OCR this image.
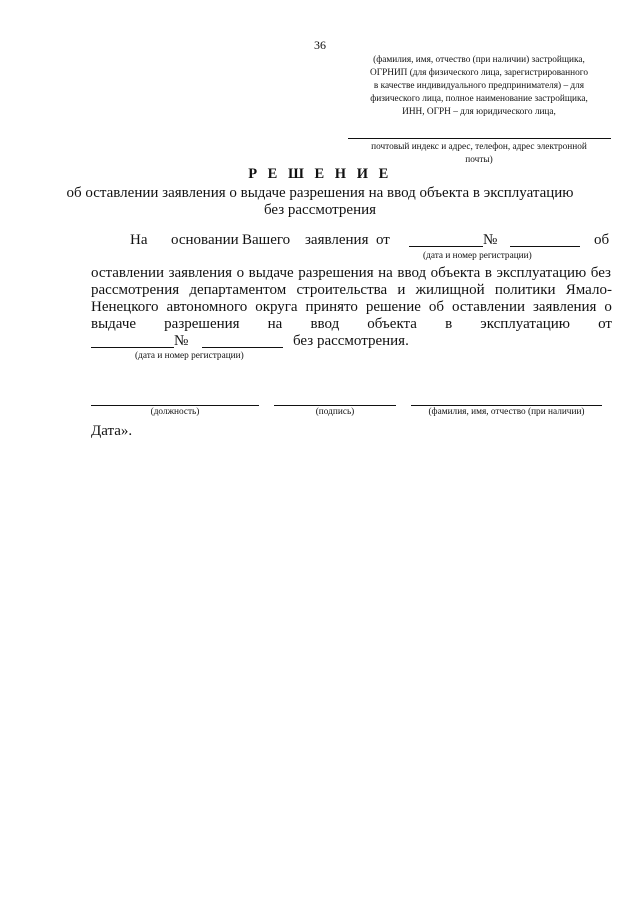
36
(фамилия, имя, отчество (при наличии) застройщика,
ОГРНИП (для физического лица, зарегистрированного
в качестве индивидуального предпринимателя) – для
физического лица, полное наименование застройщика,
ИНН, ОГРН – для юридического лица,
почтовый индекс и адрес, телефон, адрес электронной
почты)
Р Е Ш Е Н И Е
об оставлении заявления о выдаче разрешения на ввод объекта в эксплуатацию
без рассмотрения
На основании Вашего заявления от	№	об
(дата и номер регистрации)
оставлении заявления о выдаче разрешения на ввод объекта в эксплуатацию без
рассмотрения департаментом строительства и жилищной политики Ямало-
Ненецкого автономного округа принято решение об оставлении заявления о
выдаче разрешения на ввод объекта в эксплуатацию от
№	без рассмотрения.
(дата и номер регистрации)
(должность)	(подпись)	(фамилия, имя, отчество (при наличии)
Дата».
